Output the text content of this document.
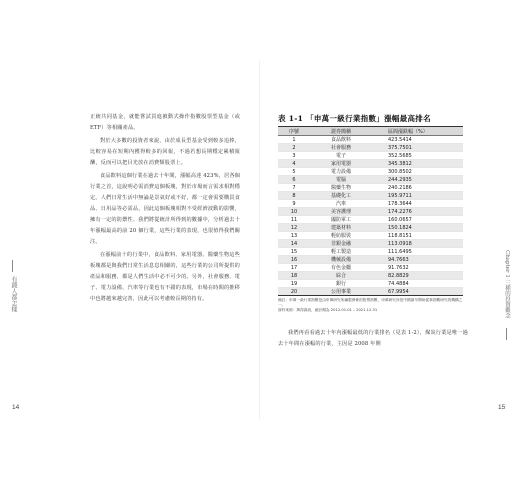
正統共同基金，就能嘗試買進被動式操作指數股票型基金（或 ETF）等相關產品。

對於大多數的投資者來說，由於成長型基金受到較多追捧，比較容易在短期內獲得較多的回報，不過若想長期穩定累積報酬，反而可以把目光放在消費類股票上。

食品飲料這個行業在過去十年間，漲幅高達 423%，居各個行業之首，這說明必需消費這個板塊，對於市場而言需求相對穩定。人們日常生活中無論是景氣好或不好，都一定會需要購買食品、日用品等必需品，因此這個板塊相對不受經濟波動的影響，擁有一定的防禦性。我們將從統計所得到的數據中，分析過去十年漲幅最高的前 20 個行業，這些行業的表現，也很值得我們關注。

在漲幅前十的行業中，食品飲料、家用電器、醫藥生物這些板塊都是與我們日常生活息息相關的，這些行業的公司所提供的產品和服務，都是人們生活中必不可少的。另外，社會服務、電子、電力設備、汽車等行業也有不錯的表現，市場在時間的推移中也將越來越完善，因此可以考慮較長期的持有。

有錢人都怎樣
14
表 1-1 「申萬一級行業指數」漲幅最高排名
序號	證券簡稱	區間漲跌幅（%）
1	食品飲料	423.5414
2	社會服務	375.7501
3	電子	352.5685
4	家用電器	345.3812
5	電力設備	300.8502
6	電腦	244.2935
7	醫藥生物	240.2186
8	基礎化工	195.9711
9	汽車	178.3644
10	美容護理	174.2276
11	國防軍工	160.0657
12	建築材料	150.1824
13	輕紡服裝	118.8151
14	非銀金融	113.0918
15	輕工製造	111.6495
16	機械設備	94.7663
17	有色金屬	91.7632
18	綜合	82.8829
19	銀行	74.4884
20	公用事業	67.9954
備註：申萬一級行業指數是由申萬研究所編製發佈的股票指數，申萬研究所是中國最早開始從事指數研究的機構之一。
資料來源：萬得資訊，統計期為 2012.01.01 – 2021.12.31

我們再看看過去十年內漲幅最低的行業排名（見表 1-2），煤炭行業是唯一過去十年間在漲幅的行業，主因是 2008 年開

Chapter 1 三種的投資觀念
15
